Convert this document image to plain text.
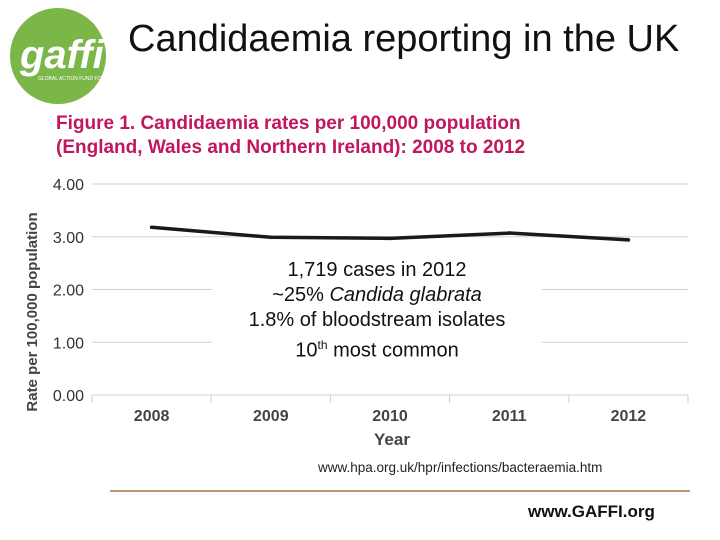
gaffi
GLOBAL ACTION FUND FOR FUNGAL INFECTIONS
Candidaemia reporting in the UK
Figure 1. Candidaemia rates per 100,000 population
(England, Wales and Northern Ireland): 2008 to 2012
0.00
1.00
2.00
3.00
4.00
2008	2009	2010	2011	2012
Year
Rate per 100,000 population	1,719 cases in 2012
~25% Candida glabrata
1.8% of bloodstream isolates
10th most common
www.hpa.org.uk/hpr/infections/bacteraemia.htm
www.GAFFI.org
